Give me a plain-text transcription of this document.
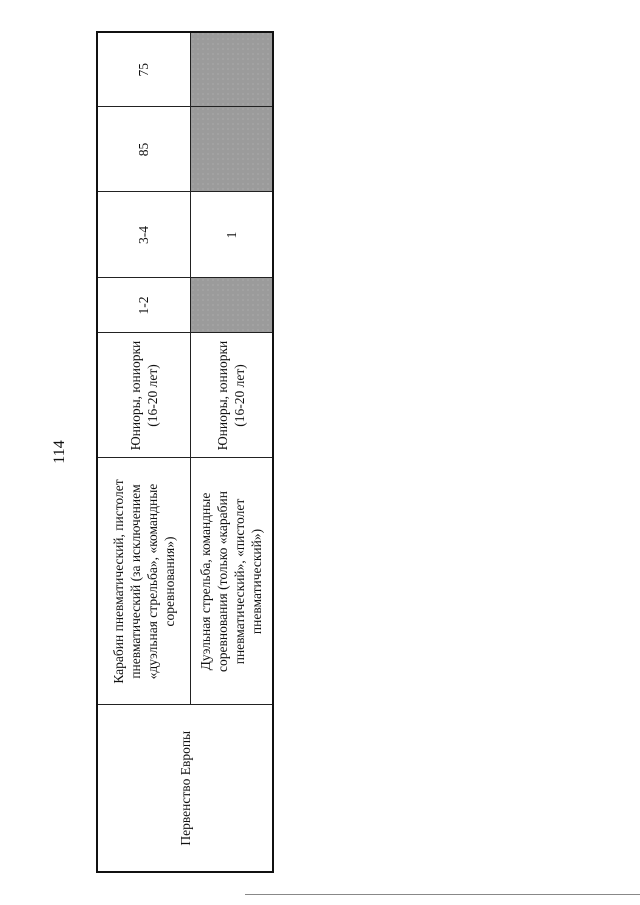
114
Первенство Европы	Карабин пневматический, пистолет пневматический (за исключением «дуэльная стрельба», «командные соревнования»)	Юниоры, юниорки (16-20 лет)	1-2	3-4	85	75
	Дуэльная стрельба, командные соревнования (только «карабин пневматический», «пистолет пневматический»)	Юниоры, юниорки (16-20 лет)		1		
